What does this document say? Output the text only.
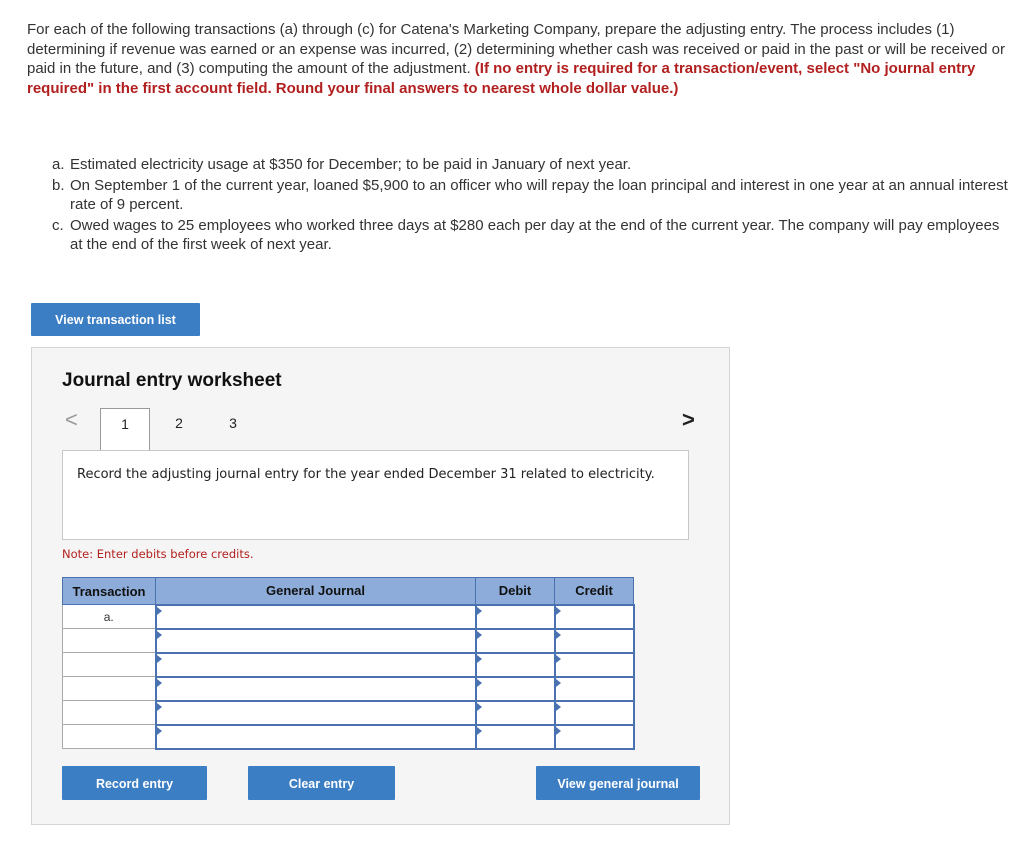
For each of the following transactions (a) through (c) for Catena's Marketing Company, prepare the adjusting entry. The process includes (1) determining if revenue was earned or an expense was incurred, (2) determining whether cash was received or paid in the past or will be received or paid in the future, and (3) computing the amount of the adjustment. (If no entry is required for a transaction/event, select "No journal entry required" in the first account field. Round your final answers to nearest whole dollar value.)
a. Estimated electricity usage at $350 for December; to be paid in January of next year.
b. On September 1 of the current year, loaned $5,900 to an officer who will repay the loan principal and interest in one year at an annual interest rate of 9 percent.
c. Owed wages to 25 employees who worked three days at $280 each per day at the end of the current year. The company will pay employees at the end of the first week of next year.
View transaction list
Journal entry worksheet
<	1	2	3	>
Record the adjusting journal entry for the year ended December 31 related to electricity.
Note: Enter debits before credits.
Transaction	General Journal	Debit	Credit
a.			

Record entry	Clear entry	View general journal
